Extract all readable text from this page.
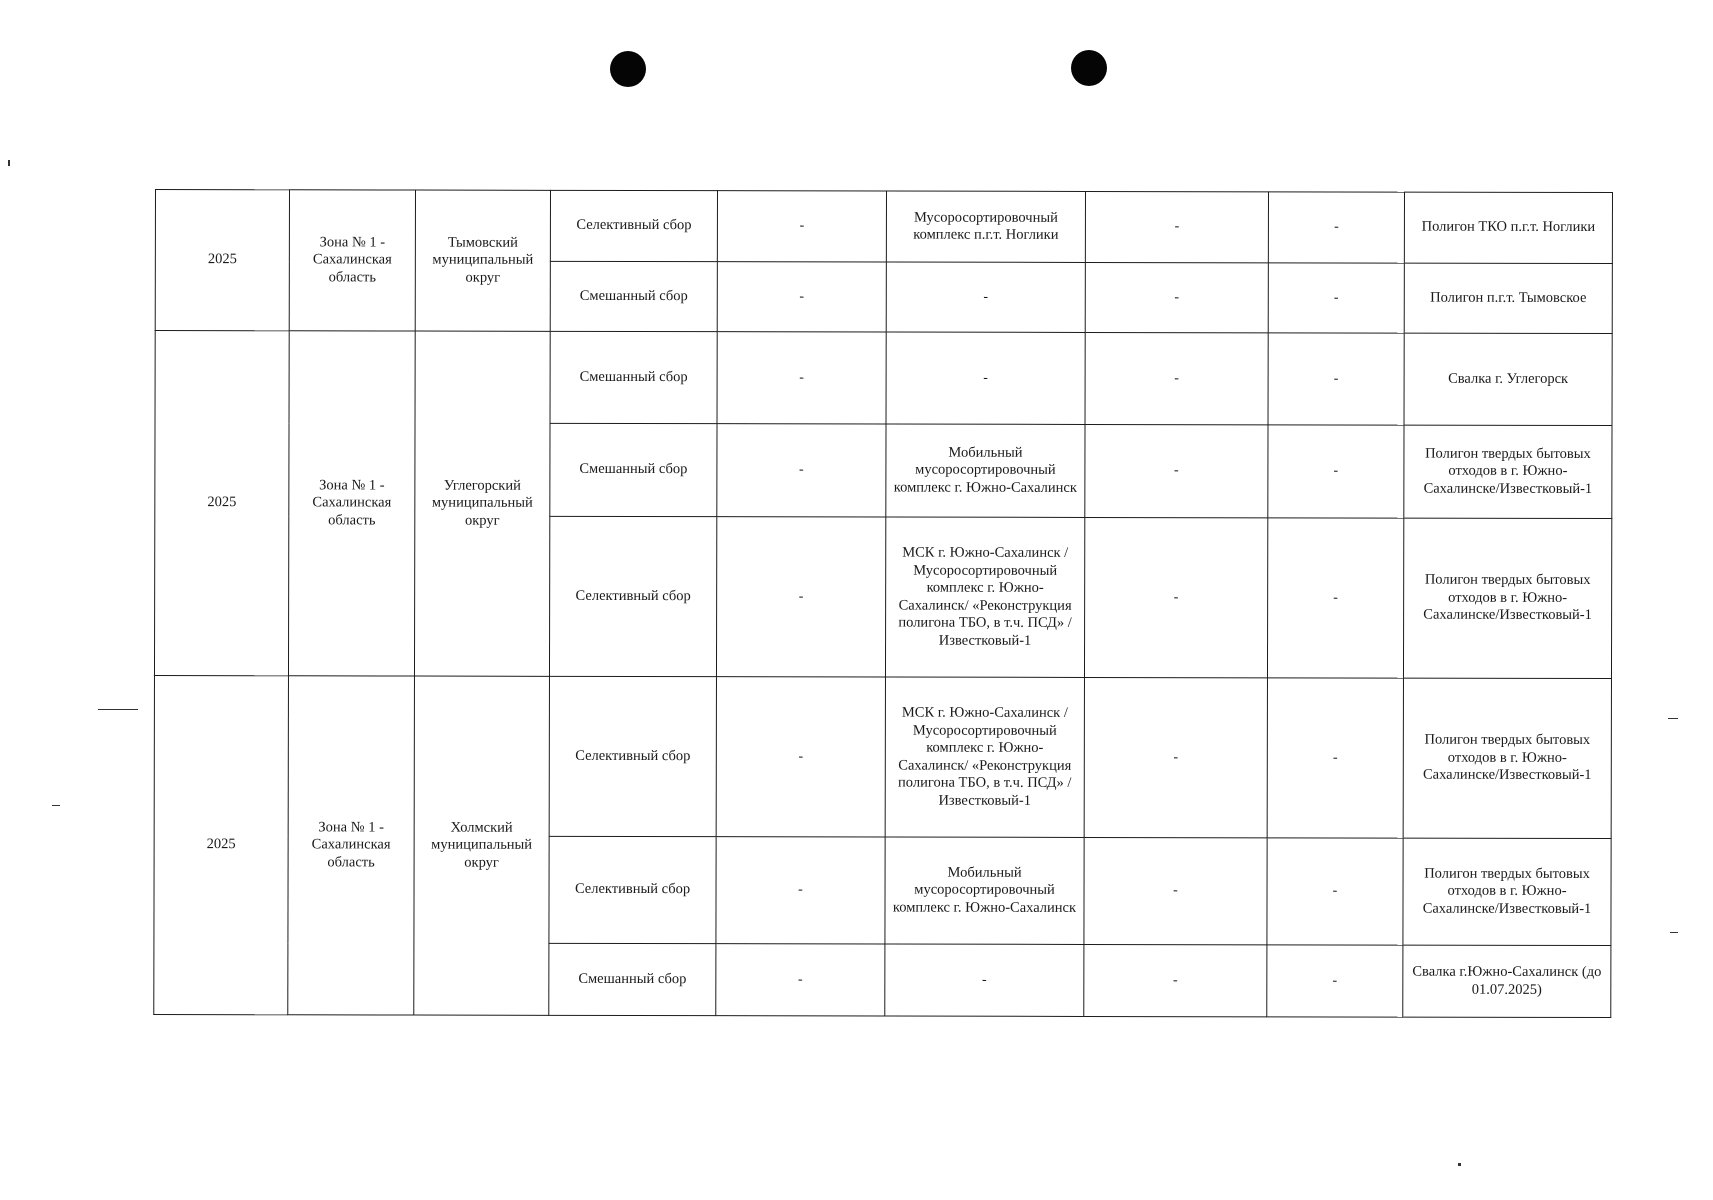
2025	Зона № 1 - Сахалинская область	Тымовский муниципальный округ	Селективный сбор	-	Мусоросортировочный комплекс п.г.т. Ноглики	-	-	Полигон ТКО п.г.т. Ноглики
			Смешанный сбор	-	-	-	-	Полигон п.г.т. Тымовское
2025	Зона № 1 - Сахалинская область	Углегорский муниципальный округ	Смешанный сбор	-	-	-	-	Свалка г. Углегорск
			Смешанный сбор	-	Мобильный мусоросортировочный комплекс г. Южно-Сахалинск	-	-	Полигон твердых бытовых отходов в г. Южно-Сахалинске/Известковый-1
			Селективный сбор	-	МСК г. Южно-Сахалинск / Мусоросортировочный комплекс г. Южно-Сахалинск/ «Реконструкция полигона ТБО, в т.ч. ПСД» / Известковый-1	-	-	Полигон твердых бытовых отходов в г. Южно-Сахалинске/Известковый-1
2025	Зона № 1 - Сахалинская область	Холмский муниципальный округ	Селективный сбор	-	МСК г. Южно-Сахалинск / Мусоросортировочный комплекс г. Южно-Сахалинск/ «Реконструкция полигона ТБО, в т.ч. ПСД» / Известковый-1	-	-	Полигон твердых бытовых отходов в г. Южно-Сахалинске/Известковый-1
			Селективный сбор	-	Мобильный мусоросортировочный комплекс г. Южно-Сахалинск	-	-	Полигон твердых бытовых отходов в г. Южно-Сахалинске/Известковый-1
			Смешанный сбор	-	-	-	-	Свалка г.Южно-Сахалинск (до 01.07.2025)
